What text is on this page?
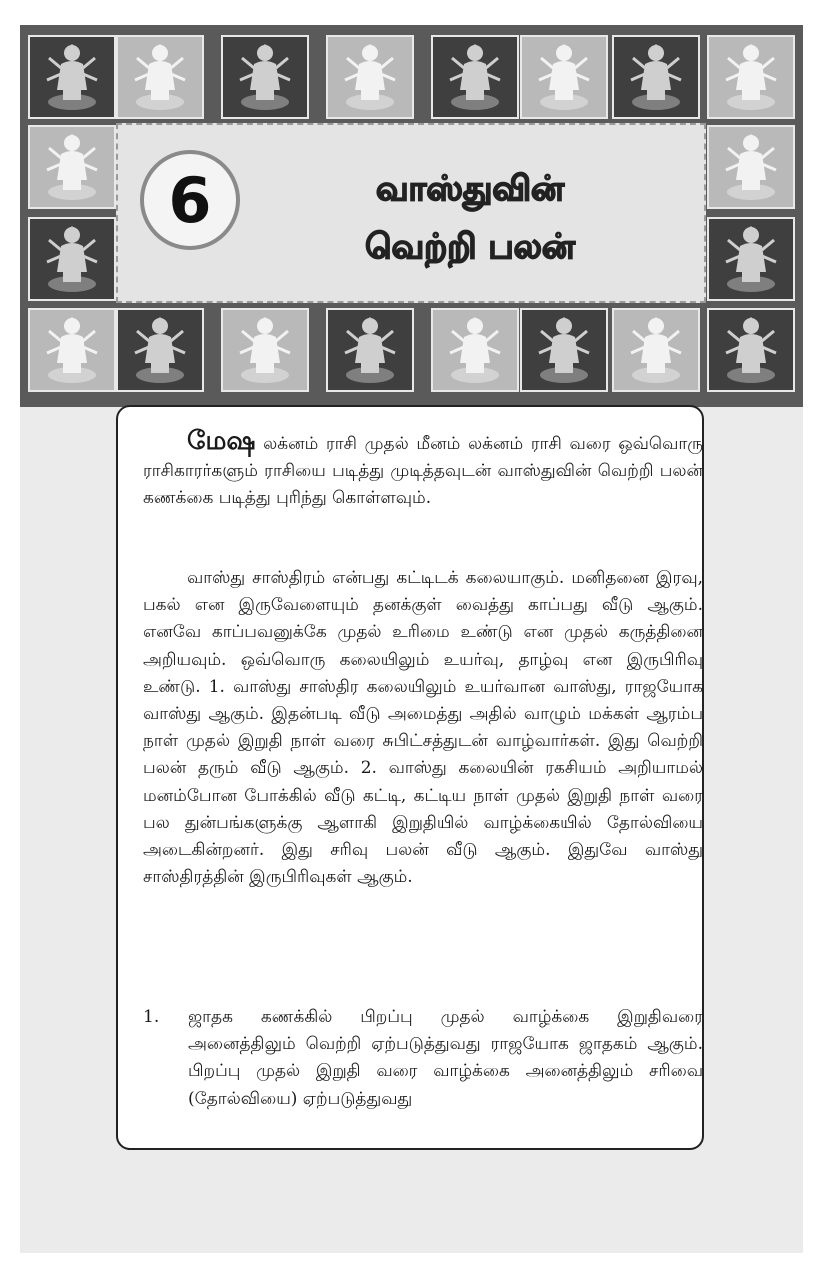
6	வாஸ்துவின்
வெற்றி பலன்
மேஷ லக்னம் ராசி முதல் மீனம் லக்னம் ராசி வரை ஒவ்வொரு ராசிகாரர்களும் ராசியை படித்து முடித்தவுடன் வாஸ்துவின் வெற்றி பலன் கணக்கை படித்து புரிந்து கொள்ளவும்.
வாஸ்து சாஸ்திரம் என்பது கட்டிடக் கலையாகும். மனிதனை இரவு, பகல் என இருவேளையும் தனக்குள் வைத்து காப்பது வீடு ஆகும். எனவே காப்பவனுக்கே முதல் உரிமை உண்டு என முதல் கருத்தினை அறியவும். ஒவ்வொரு கலையிலும் உயர்வு, தாழ்வு என இருபிரிவு உண்டு. 1. வாஸ்து சாஸ்திர கலையிலும் உயர்வான வாஸ்து, ராஜயோக வாஸ்து ஆகும். இதன்படி வீடு அமைத்து அதில் வாழும் மக்கள் ஆரம்ப நாள் முதல் இறுதி நாள் வரை சுபிட்சத்துடன் வாழ்வார்கள். இது வெற்றி பலன் தரும் வீடு ஆகும். 2. வாஸ்து கலையின் ரகசியம் அறியாமல் மனம்போன போக்கில் வீடு கட்டி, கட்டிய நாள் முதல் இறுதி நாள் வரை பல துன்பங்களுக்கு ஆளாகி இறுதியில் வாழ்க்கையில் தோல்வியை அடைகின்றனர். இது சரிவு பலன் வீடு ஆகும். இதுவே வாஸ்து சாஸ்திரத்தின் இருபிரிவுகள் ஆகும்.
1. ஜாதக கணக்கில் பிறப்பு முதல் வாழ்க்கை இறுதிவரை அனைத்திலும் வெற்றி ஏற்படுத்துவது ராஜயோக ஜாதகம் ஆகும். பிறப்பு முதல் இறுதி வரை வாழ்க்கை அனைத்திலும் சரிவை (தோல்வியை) ஏற்படுத்துவது
